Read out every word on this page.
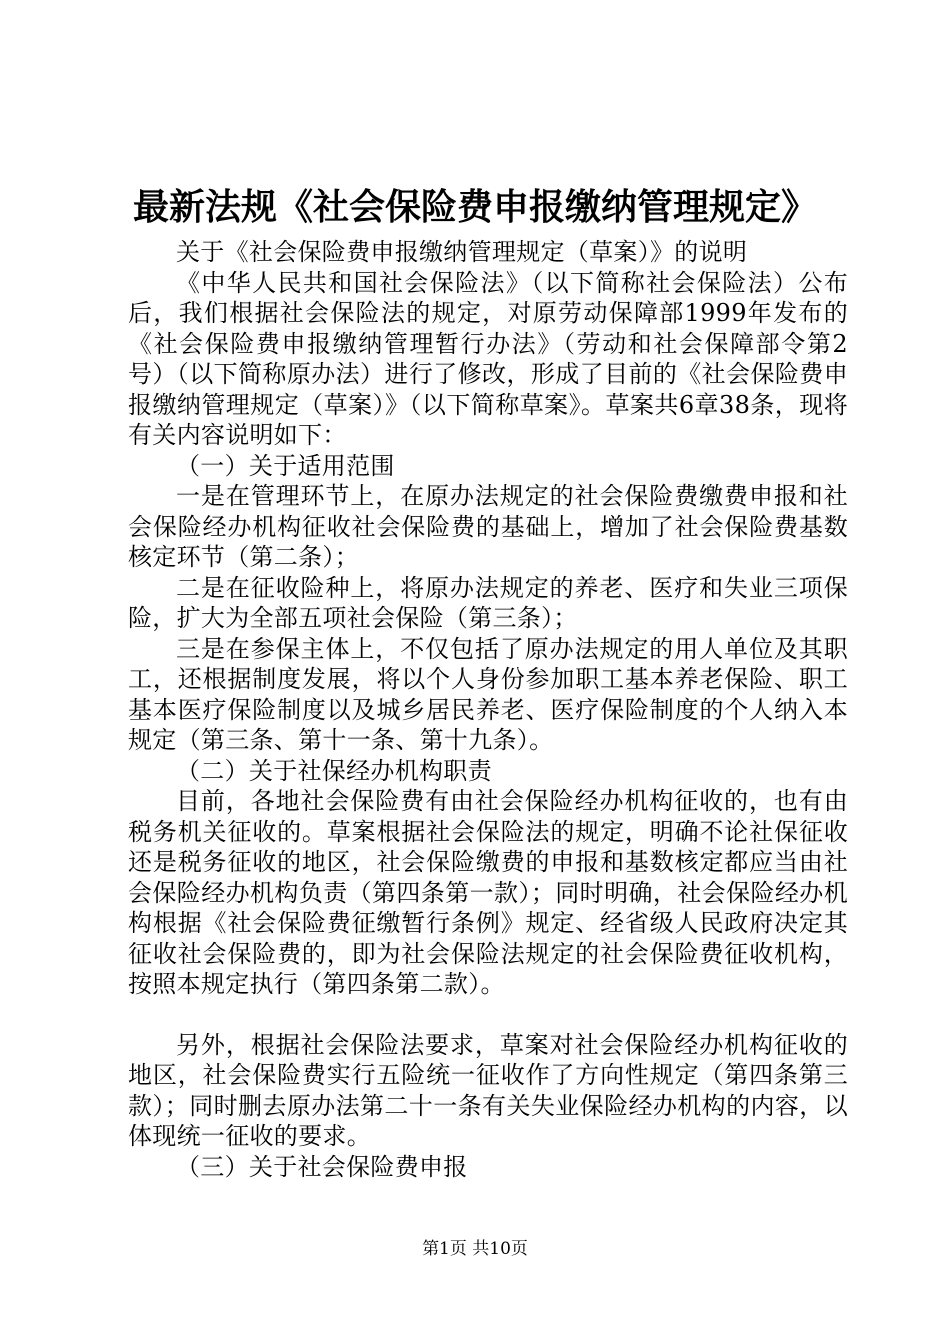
最新法规《社会保险费申报缴纳管理规定》

关于《社会保险费申报缴纳管理规定（草案）》的说明

《中华人民共和国社会保险法》（以下简称社会保险法）公布后，我们根据社会保险法的规定，对原劳动保障部1999年发布的《社会保险费申报缴纳管理暂行办法》（劳动和社会保障部令第2号）（以下简称原办法）进行了修改，形成了目前的《社会保险费申报缴纳管理规定（草案）》（以下简称草案》。草案共6章38条，现将有关内容说明如下：

（一）关于适用范围

一是在管理环节上，在原办法规定的社会保险费缴费申报和社会保险经办机构征收社会保险费的基础上，增加了社会保险费基数核定环节（第二条）；

二是在征收险种上，将原办法规定的养老、医疗和失业三项保险，扩大为全部五项社会保险（第三条）；

三是在参保主体上，不仅包括了原办法规定的用人单位及其职工，还根据制度发展，将以个人身份参加职工基本养老保险、职工基本医疗保险制度以及城乡居民养老、医疗保险制度的个人纳入本规定（第三条、第十一条、第十九条）。

（二）关于社保经办机构职责

目前，各地社会保险费有由社会保险经办机构征收的，也有由税务机关征收的。草案根据社会保险法的规定，明确不论社保征收还是税务征收的地区，社会保险缴费的申报和基数核定都应当由社会保险经办机构负责（第四条第一款）；同时明确，社会保险经办机构根据《社会保险费征缴暂行条例》规定、经省级人民政府决定其征收社会保险费的，即为社会保险法规定的社会保险费征收机构，按照本规定执行（第四条第二款）。

另外，根据社会保险法要求，草案对社会保险经办机构征收的地区，社会保险费实行五险统一征收作了方向性规定（第四条第三款）；同时删去原办法第二十一条有关失业保险经办机构的内容，以体现统一征收的要求。

（三）关于社会保险费申报

第1页 共10页
